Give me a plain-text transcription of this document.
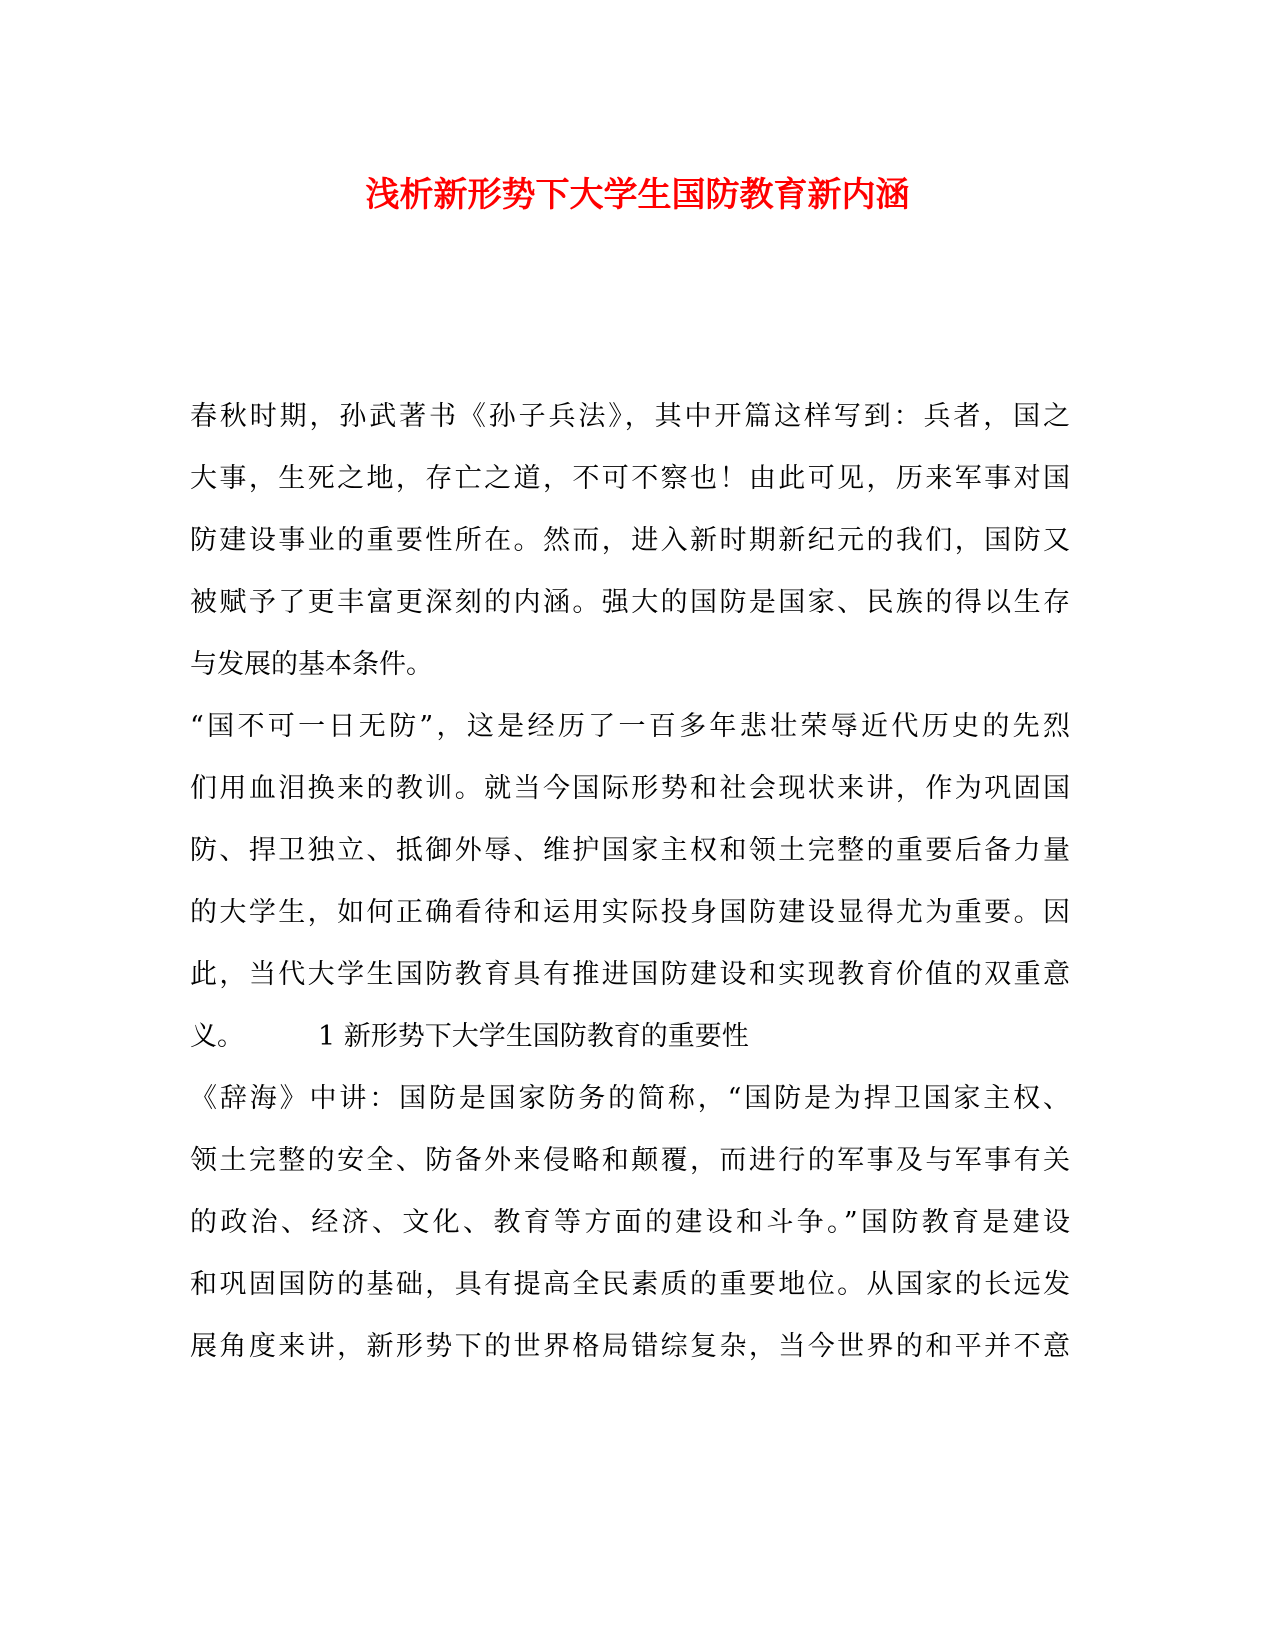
浅析新形势下大学生国防教育新内涵

春秋时期，孙武著书《孙子兵法》，其中开篇这样写到：兵者，国之

大事，生死之地，存亡之道，不可不察也！由此可见，历来军事对国

防建设事业的重要性所在。然而，进入新时期新纪元的我们，国防又

被赋予了更丰富更深刻的内涵。强大的国防是国家、民族的得以生存

与发展的基本条件。

“国不可一日无防”，这是经历了一百多年悲壮荣辱近代历史的先烈

们用血泪换来的教训。就当今国际形势和社会现状来讲，作为巩固国

防、捍卫独立、抵御外辱、维护国家主权和领土完整的重要后备力量

的大学生，如何正确看待和运用实际投身国防建设显得尤为重要。因

此，当代大学生国防教育具有推进国防建设和实现教育价值的双重意

义。	1 新形势下大学生国防教育的重要性

《辞海》中讲：国防是国家防务的简称，“国防是为捍卫国家主权、

领土完整的安全、防备外来侵略和颠覆，而进行的军事及与军事有关

的政治、经济、文化、教育等方面的建设和斗争。”国防教育是建设

和巩固国防的基础，具有提高全民素质的重要地位。从国家的长远发

展角度来讲，新形势下的世界格局错综复杂，当今世界的和平并不意
